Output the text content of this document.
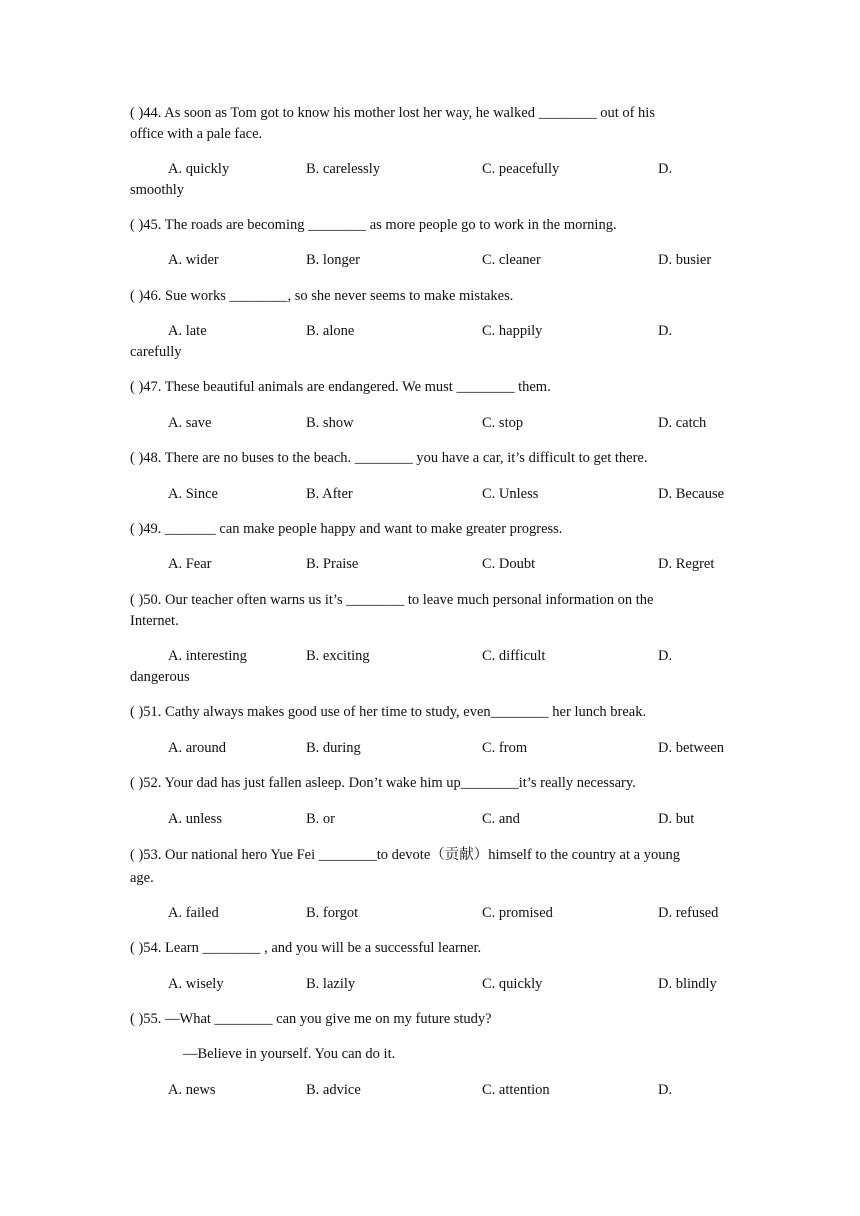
( )44. As soon as Tom got to know his mother lost her way, he walked ________ out of his
office with a pale face.
A. quickly	B. carelessly	C. peacefully	D.
smoothly
( )45. The roads are becoming ________ as more people go to work in the morning.
A. wider	B. longer	C. cleaner	D. busier
( )46. Sue works ________, so she never seems to make mistakes.
A. late	B. alone	C. happily	D.
carefully
( )47. These beautiful animals are endangered. We must ________ them.
A. save	B. show	C. stop	D. catch
( )48. There are no buses to the beach. ________ you have a car, it’s difficult to get there.
A. Since	B. After	C. Unless	D. Because
( )49. _______ can make people happy and want to make greater progress.
A. Fear	B. Praise	C. Doubt	D. Regret
( )50. Our teacher often warns us it’s ________ to leave much personal information on the
Internet.
A. interesting	B. exciting	C. difficult	D.
dangerous
( )51. Cathy always makes good use of her time to study, even________ her lunch break.
A. around	B. during	C. from	D. between
( )52. Your dad has just fallen asleep. Don’t wake him up________it’s really necessary.
A. unless	B. or	C. and	D. but
( )53. Our national hero Yue Fei ________to devote（贡献）himself to the country at a young
age.
A. failed	B. forgot	C. promised	D. refused
( )54. Learn ________ , and you will be a successful learner.
A. wisely	B. lazily	C. quickly	D. blindly
( )55. —What ________ can you give me on my future study?
—Believe in yourself. You can do it.
A. news	B. advice	C. attention	D.
